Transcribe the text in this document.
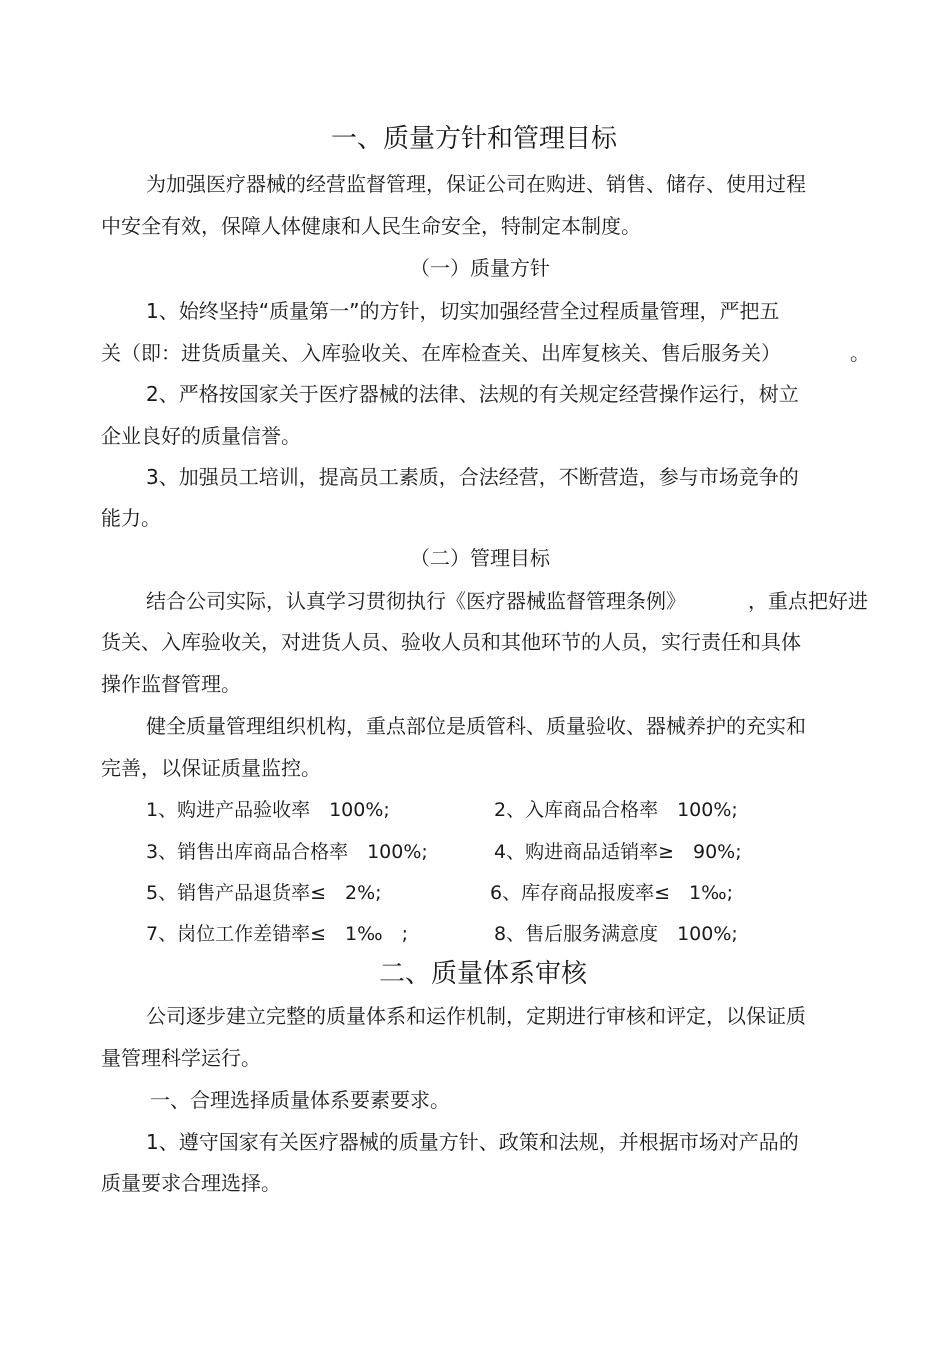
一、质量方针和管理目标
为加强医疗器械的经营监督管理，保证公司在购进、销售、储存、使用过程
中安全有效，保障人体健康和人民生命安全，特制定本制度。
（一）质量方针
1、始终坚持“质量第一”的方针，切实加强经营全过程质量管理，严把五
关（即：进货质量关、入库验收关、在库检查关、出库复核关、售后服务关）	。
2、严格按国家关于医疗器械的法律、法规的有关规定经营操作运行，树立
企业良好的质量信誉。
3、加强员工培训，提高员工素质，合法经营，不断营造，参与市场竞争的
能力。
（二）管理目标
结合公司实际，认真学习贯彻执行《医疗器械监督管理条例》	，重点把好进
货关、入库验收关，对进货人员、验收人员和其他环节的人员，实行责任和具体
操作监督管理。
健全质量管理组织机构，重点部位是质管科、质量验收、器械养护的充实和
完善，以保证质量监控。
1、购进产品验收率　100%;	2、入库商品合格率　100%;
3、销售出库商品合格率　100%;	4、购进商品适销率≥　90%;
5、销售产品退货率≤　2%;	6、库存商品报废率≤　1‰;
7、岗位工作差错率≤　1‰　;	8、售后服务满意度　100%;
二、质量体系审核
公司逐步建立完整的质量体系和运作机制，定期进行审核和评定，以保证质
量管理科学运行。
一、合理选择质量体系要素要求。
1、遵守国家有关医疗器械的质量方针、政策和法规，并根据市场对产品的
质量要求合理选择。
